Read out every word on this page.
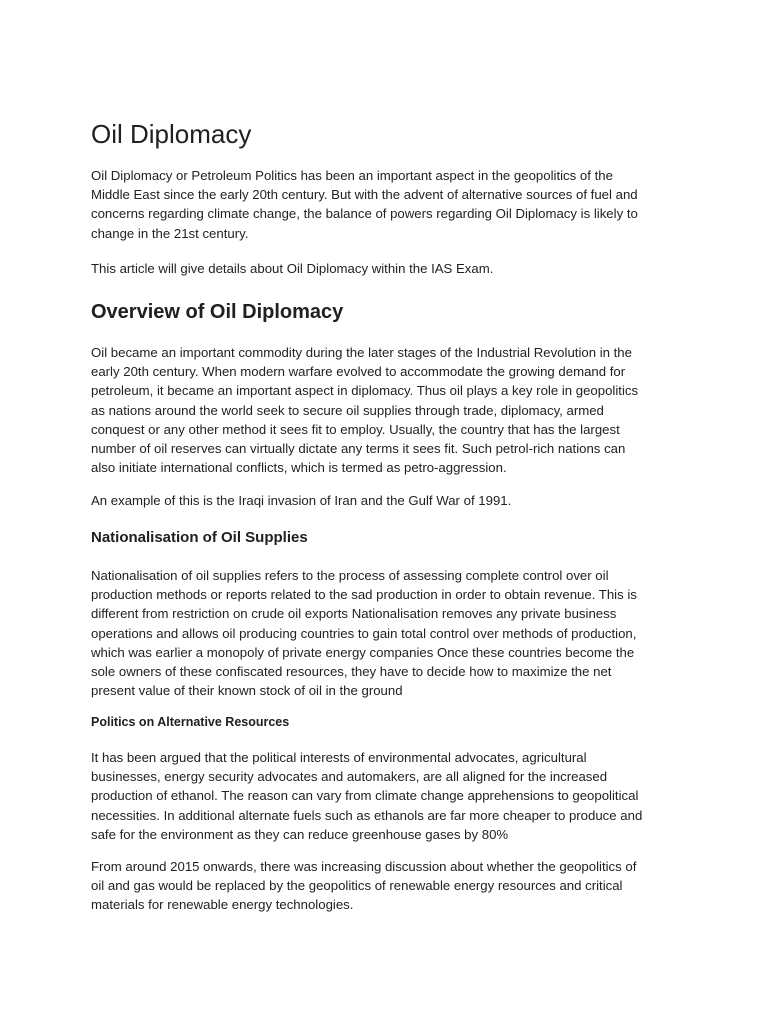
Oil Diplomacy

Oil Diplomacy or Petroleum Politics has been an important aspect in the geopolitics of the Middle East since the early 20th century. But with the advent of alternative sources of fuel and concerns regarding climate change, the balance of powers regarding Oil Diplomacy is likely to change in the 21st century.

This article will give details about Oil Diplomacy within the IAS Exam.

Overview of Oil Diplomacy

Oil became an important commodity during the later stages of the Industrial Revolution in the early 20th century. When modern warfare evolved to accommodate the growing demand for petroleum, it became an important aspect in diplomacy. Thus oil plays a key role in geopolitics as nations around the world seek to secure oil supplies through trade, diplomacy, armed conquest or any other method it sees fit to employ. Usually, the country that has the largest number of oil reserves can virtually dictate any terms it sees fit. Such petrol-rich nations can also initiate international conflicts, which is termed as petro-aggression.

An example of this is the Iraqi invasion of Iran and the Gulf War of 1991.

Nationalisation of Oil Supplies

Nationalisation of oil supplies refers to the process of assessing complete control over oil production methods or reports related to the sad production in order to obtain revenue. This is different from restriction on crude oil exports Nationalisation removes any private business operations and allows oil producing countries to gain total control over methods of production, which was earlier a monopoly of private energy companies Once these countries become the sole owners of these confiscated resources, they have to decide how to maximize the net present value of their known stock of oil in the ground

Politics on Alternative Resources

It has been argued that the political interests of environmental advocates, agricultural businesses, energy security advocates and automakers, are all aligned for the increased production of ethanol. The reason can vary from climate change apprehensions to geopolitical necessities. In additional alternate fuels such as ethanols are far more cheaper to produce and safe for the environment as they can reduce greenhouse gases by 80%

From around 2015 onwards, there was increasing discussion about whether the geopolitics of oil and gas would be replaced by the geopolitics of renewable energy resources and critical materials for renewable energy technologies.
